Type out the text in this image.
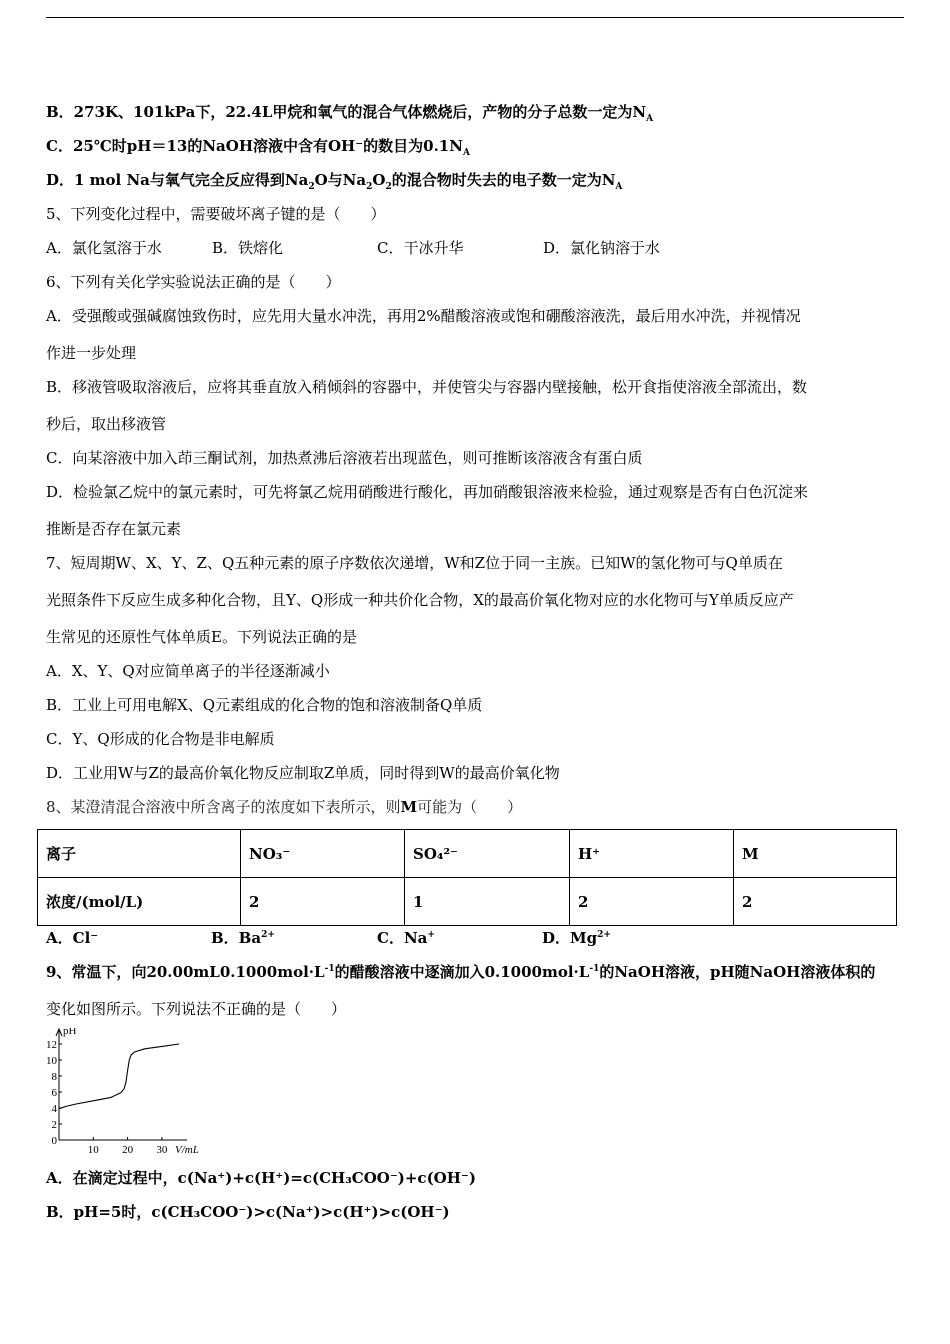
B．273K、101kPa下，22.4L甲烷和氧气的混合气体燃烧后，产物的分子总数一定为$N_A$
C．25℃时pH＝13的NaOH溶液中含有OH⁻的数目为$0.1N_A$
D．1 mol Na与氧气完全反应得到$Na_2O$与$Na_2O_2$的混合物时失去的电子数一定为$N_A$
5、下列变化过程中，需要破坏离子键的是（　　）
A．氯化氢溶于水	B．铁熔化	C．干冰升华	D．氯化钠溶于水
6、下列有关化学实验说法正确的是（　　）
A．受强酸或强碱腐蚀致伤时，应先用大量水冲洗，再用2%醋酸溶液或饱和硼酸溶液洗，最后用水冲洗，并视情况
作进一步处理
B．移液管吸取溶液后，应将其垂直放入稍倾斜的容器中，并使管尖与容器内壁接触，松开食指使溶液全部流出，数
秒后，取出移液管
C．向某溶液中加入茚三酮试剂，加热煮沸后溶液若出现蓝色，则可推断该溶液含有蛋白质
D．检验氯乙烷中的氯元素时，可先将氯乙烷用硝酸进行酸化，再加硝酸银溶液来检验，通过观察是否有白色沉淀来
推断是否存在氯元素
7、短周期W、X、Y、Z、Q五种元素的原子序数依次递增，W和Z位于同一主族。已知W的氢化物可与Q单质在
光照条件下反应生成多种化合物，且Y、Q形成一种共价化合物，X的最高价氧化物对应的水化物可与Y单质反应产
生常见的还原性气体单质E。下列说法正确的是
A．X、Y、Q对应简单离子的半径逐渐减小
B．工业上可用电解X、Q元素组成的化合物的饱和溶液制备Q单质
C．Y、Q形成的化合物是非电解质
D．工业用W与Z的最高价氧化物反应制取Z单质，同时得到W的最高价氧化物
8、某澄清混合溶液中所含离子的浓度如下表所示，则M可能为（　　）
离子	NO₃⁻	SO₄²⁻	H⁺	M
浓度/(mol/L)	2	1	2	2
A．Cl⁻	B．$Ba^{2+}$	C．Na+	D．$Mg^{2+}$
9、常温下，向$20.00mL0.1000mol\cdot L^{-1}$的醋酸溶液中逐滴加入$0.1000mol\cdot L^{-1}$的NaOH溶液，pH随NaOH溶液体积的
变化如图所示。下列说法不正确的是（　　）
0
2
4
6
8
10
12
10 20 30
pH
V/mL
A．在滴定过程中，c(Na⁺)+c(H⁺)=c(CH₃COO⁻)+c(OH⁻)
B．pH=5时，c(CH₃COO⁻)>c(Na⁺)>c(H⁺)>c(OH⁻)
